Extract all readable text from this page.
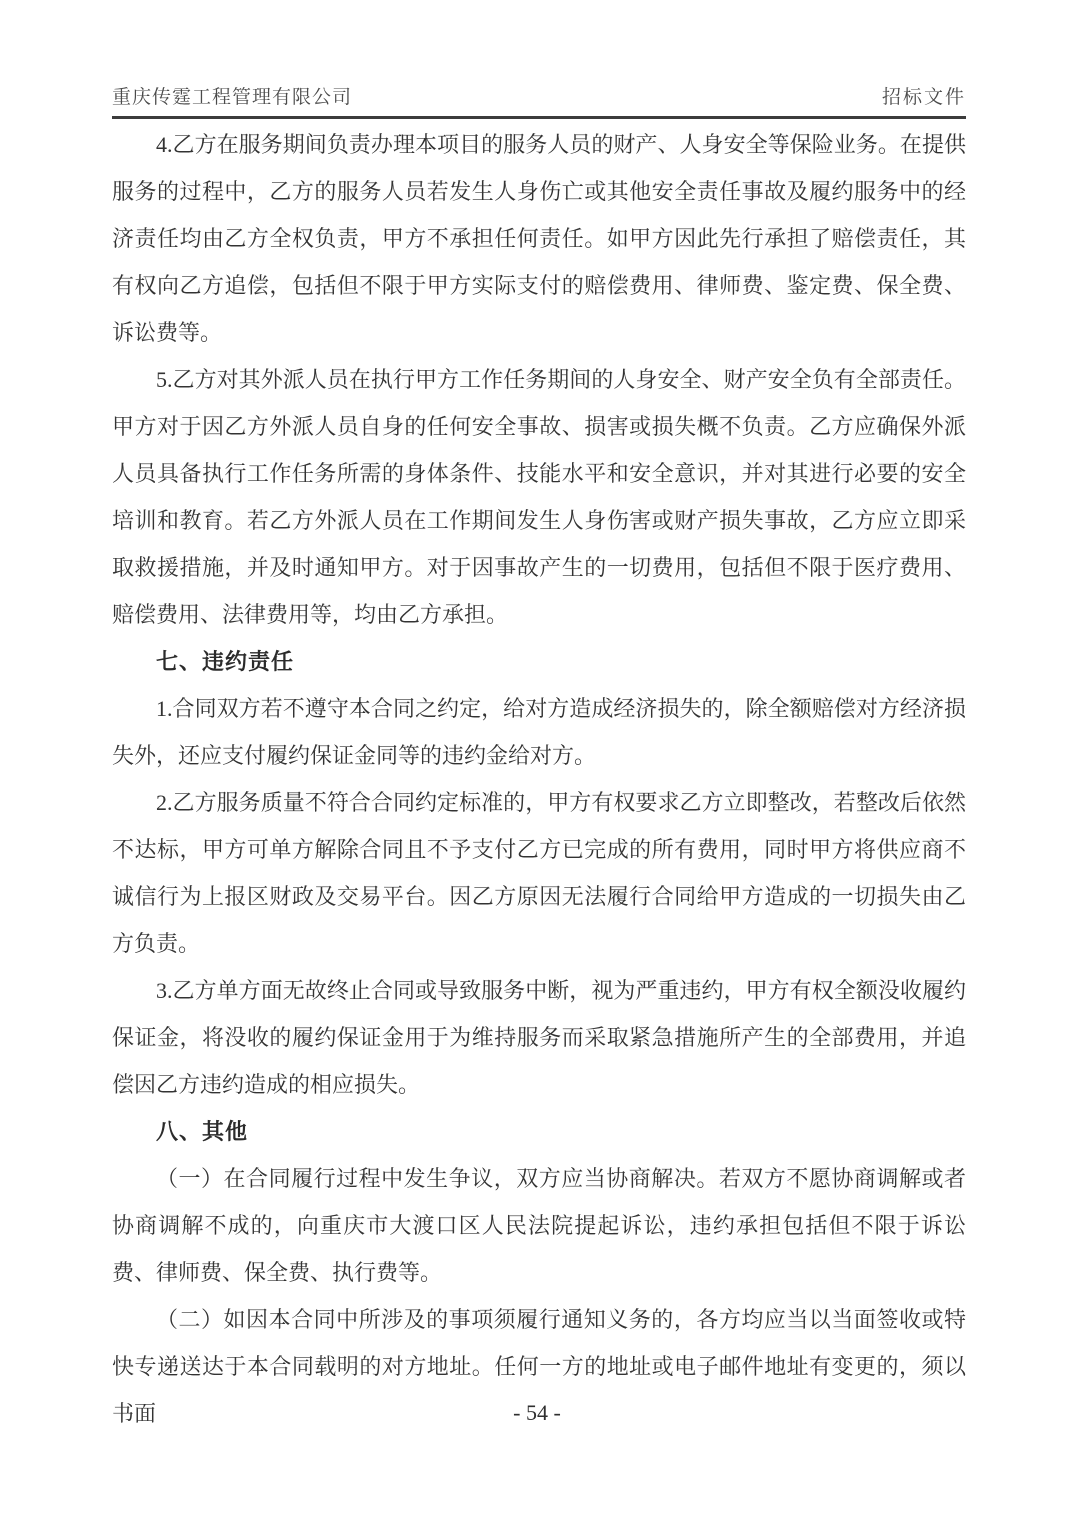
重庆传霆工程管理有限公司	招标文件

4.乙方在服务期间负责办理本项目的服务人员的财产、人身安全等保险业务。在提供服务的过程中，乙方的服务人员若发生人身伤亡或其他安全责任事故及履约服务中的经济责任均由乙方全权负责，甲方不承担任何责任。如甲方因此先行承担了赔偿责任，其有权向乙方追偿，包括但不限于甲方实际支付的赔偿费用、律师费、鉴定费、保全费、诉讼费等。

5.乙方对其外派人员在执行甲方工作任务期间的人身安全、财产安全负有全部责任。甲方对于因乙方外派人员自身的任何安全事故、损害或损失概不负责。乙方应确保外派人员具备执行工作任务所需的身体条件、技能水平和安全意识，并对其进行必要的安全培训和教育。若乙方外派人员在工作期间发生人身伤害或财产损失事故，乙方应立即采取救援措施，并及时通知甲方。对于因事故产生的一切费用，包括但不限于医疗费用、赔偿费用、法律费用等，均由乙方承担。

七、违约责任

1.合同双方若不遵守本合同之约定，给对方造成经济损失的，除全额赔偿对方经济损失外，还应支付履约保证金同等的违约金给对方。

2.乙方服务质量不符合合同约定标准的，甲方有权要求乙方立即整改，若整改后依然不达标，甲方可单方解除合同且不予支付乙方已完成的所有费用，同时甲方将供应商不诚信行为上报区财政及交易平台。因乙方原因无法履行合同给甲方造成的一切损失由乙方负责。

3.乙方单方面无故终止合同或导致服务中断，视为严重违约，甲方有权全额没收履约保证金，将没收的履约保证金用于为维持服务而采取紧急措施所产生的全部费用，并追偿因乙方违约造成的相应损失。

八、其他

（一）在合同履行过程中发生争议，双方应当协商解决。若双方不愿协商调解或者协商调解不成的，向重庆市大渡口区人民法院提起诉讼，违约承担包括但不限于诉讼费、律师费、保全费、执行费等。

（二）如因本合同中所涉及的事项须履行通知义务的，各方均应当以当面签收或特快专递送达于本合同载明的对方地址。任何一方的地址或电子邮件地址有变更的，须以书面	- 54 -
